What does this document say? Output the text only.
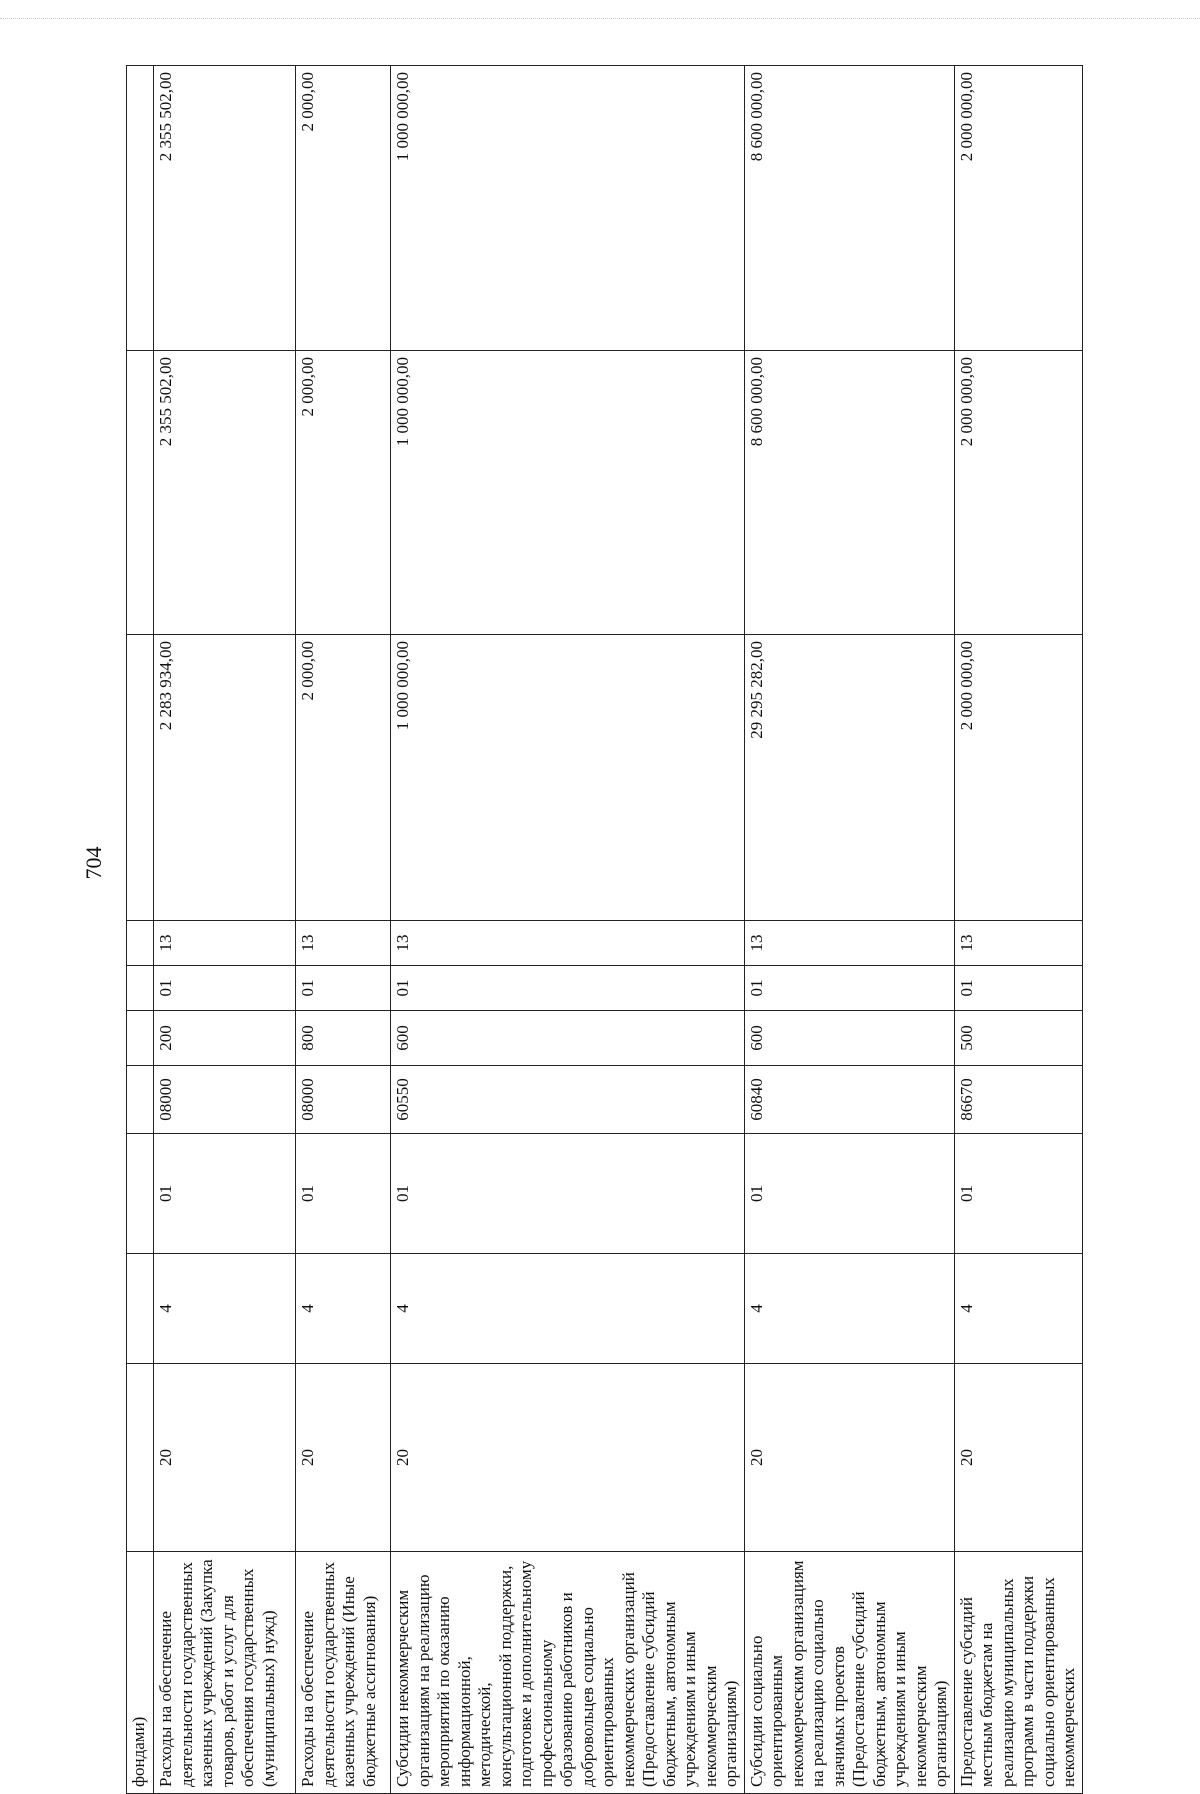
704
фондами)										
Расходы на обеспечение деятельности государственных казенных учреждений (Закупка товаров, работ и услуг для обеспечения государственных (муниципальных) нужд)	20	4	01	08000	200	01	13	2 283 934,00	2 355 502,00	2 355 502,00
Расходы на обеспечение деятельности государственных казенных учреждений (Иные бюджетные ассигнования)	20	4	01	08000	800	01	13	2 000,00	2 000,00	2 000,00
Субсидии некоммерческим организациям на реализацию мероприятий по оказанию информационной, методической, консультационной поддержки, подготовке и дополнительному профессиональному образованию работников и добровольцев социально ориентированных некоммерческих организаций (Предоставление субсидий бюджетным, автономным учреждениям и иным некоммерческим организациям)	20	4	01	60550	600	01	13	1 000 000,00	1 000 000,00	1 000 000,00
Субсидии социально ориентированным некоммерческим организациям на реализацию социально значимых проектов (Предоставление субсидий бюджетным, автономным учреждениям и иным некоммерческим организациям)	20	4	01	60840	600	01	13	29 295 282,00	8 600 000,00	8 600 000,00
Предоставление субсидий местным бюджетам на реализацию муниципальных программ в части поддержки социально ориентированных некоммерческих	20	4	01	86670	500	01	13	2 000 000,00	2 000 000,00	2 000 000,00
